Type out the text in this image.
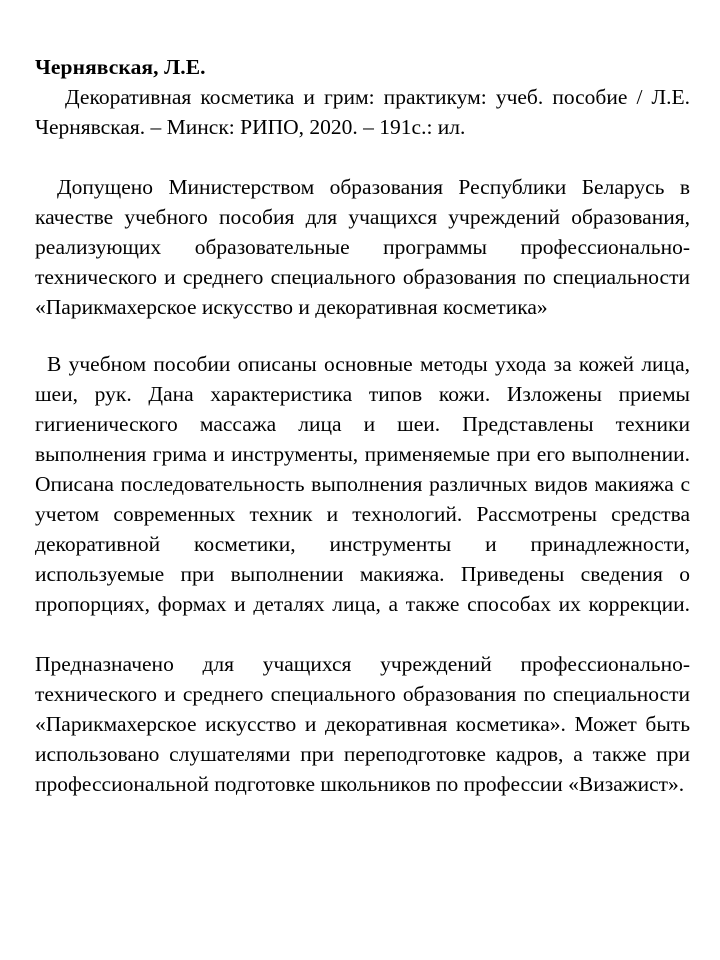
Чернявская, Л.Е.

Декоративная косметика и грим: практикум: учеб. пособие / Л.Е. Чернявская. – Минск: РИПО, 2020. – 191с.: ил.

Допущено Министерством образования Республики Беларусь в качестве учебного пособия для учащихся учреждений образования, реализующих образовательные программы профессионально-технического и среднего специального образования по специальности «Парикмахерское искусство и декоративная косметика»

В учебном пособии описаны основные методы ухода за кожей лица, шеи, рук. Дана характеристика типов кожи. Изложены приемы гигиенического массажа лица и шеи. Представлены техники выполнения грима и инструменты, применяемые при его выполнении. Описана последовательность выполнения различных видов макияжа с учетом современных техник и технологий. Рассмотрены средства декоративной косметики, инструменты и принадлежности, используемые при выполнении макияжа. Приведены сведения о пропорциях, формах и деталях лица, а также способах их коррекции.Предназначено для учащихся учреждений профессионально-технического и среднего специального образования по специальности «Парикмахерское искусство и декоративная косметика». Может быть использовано слушателями при переподготовке кадров, а также при профессиональной подготовке школьников по профессии «Визажист».
